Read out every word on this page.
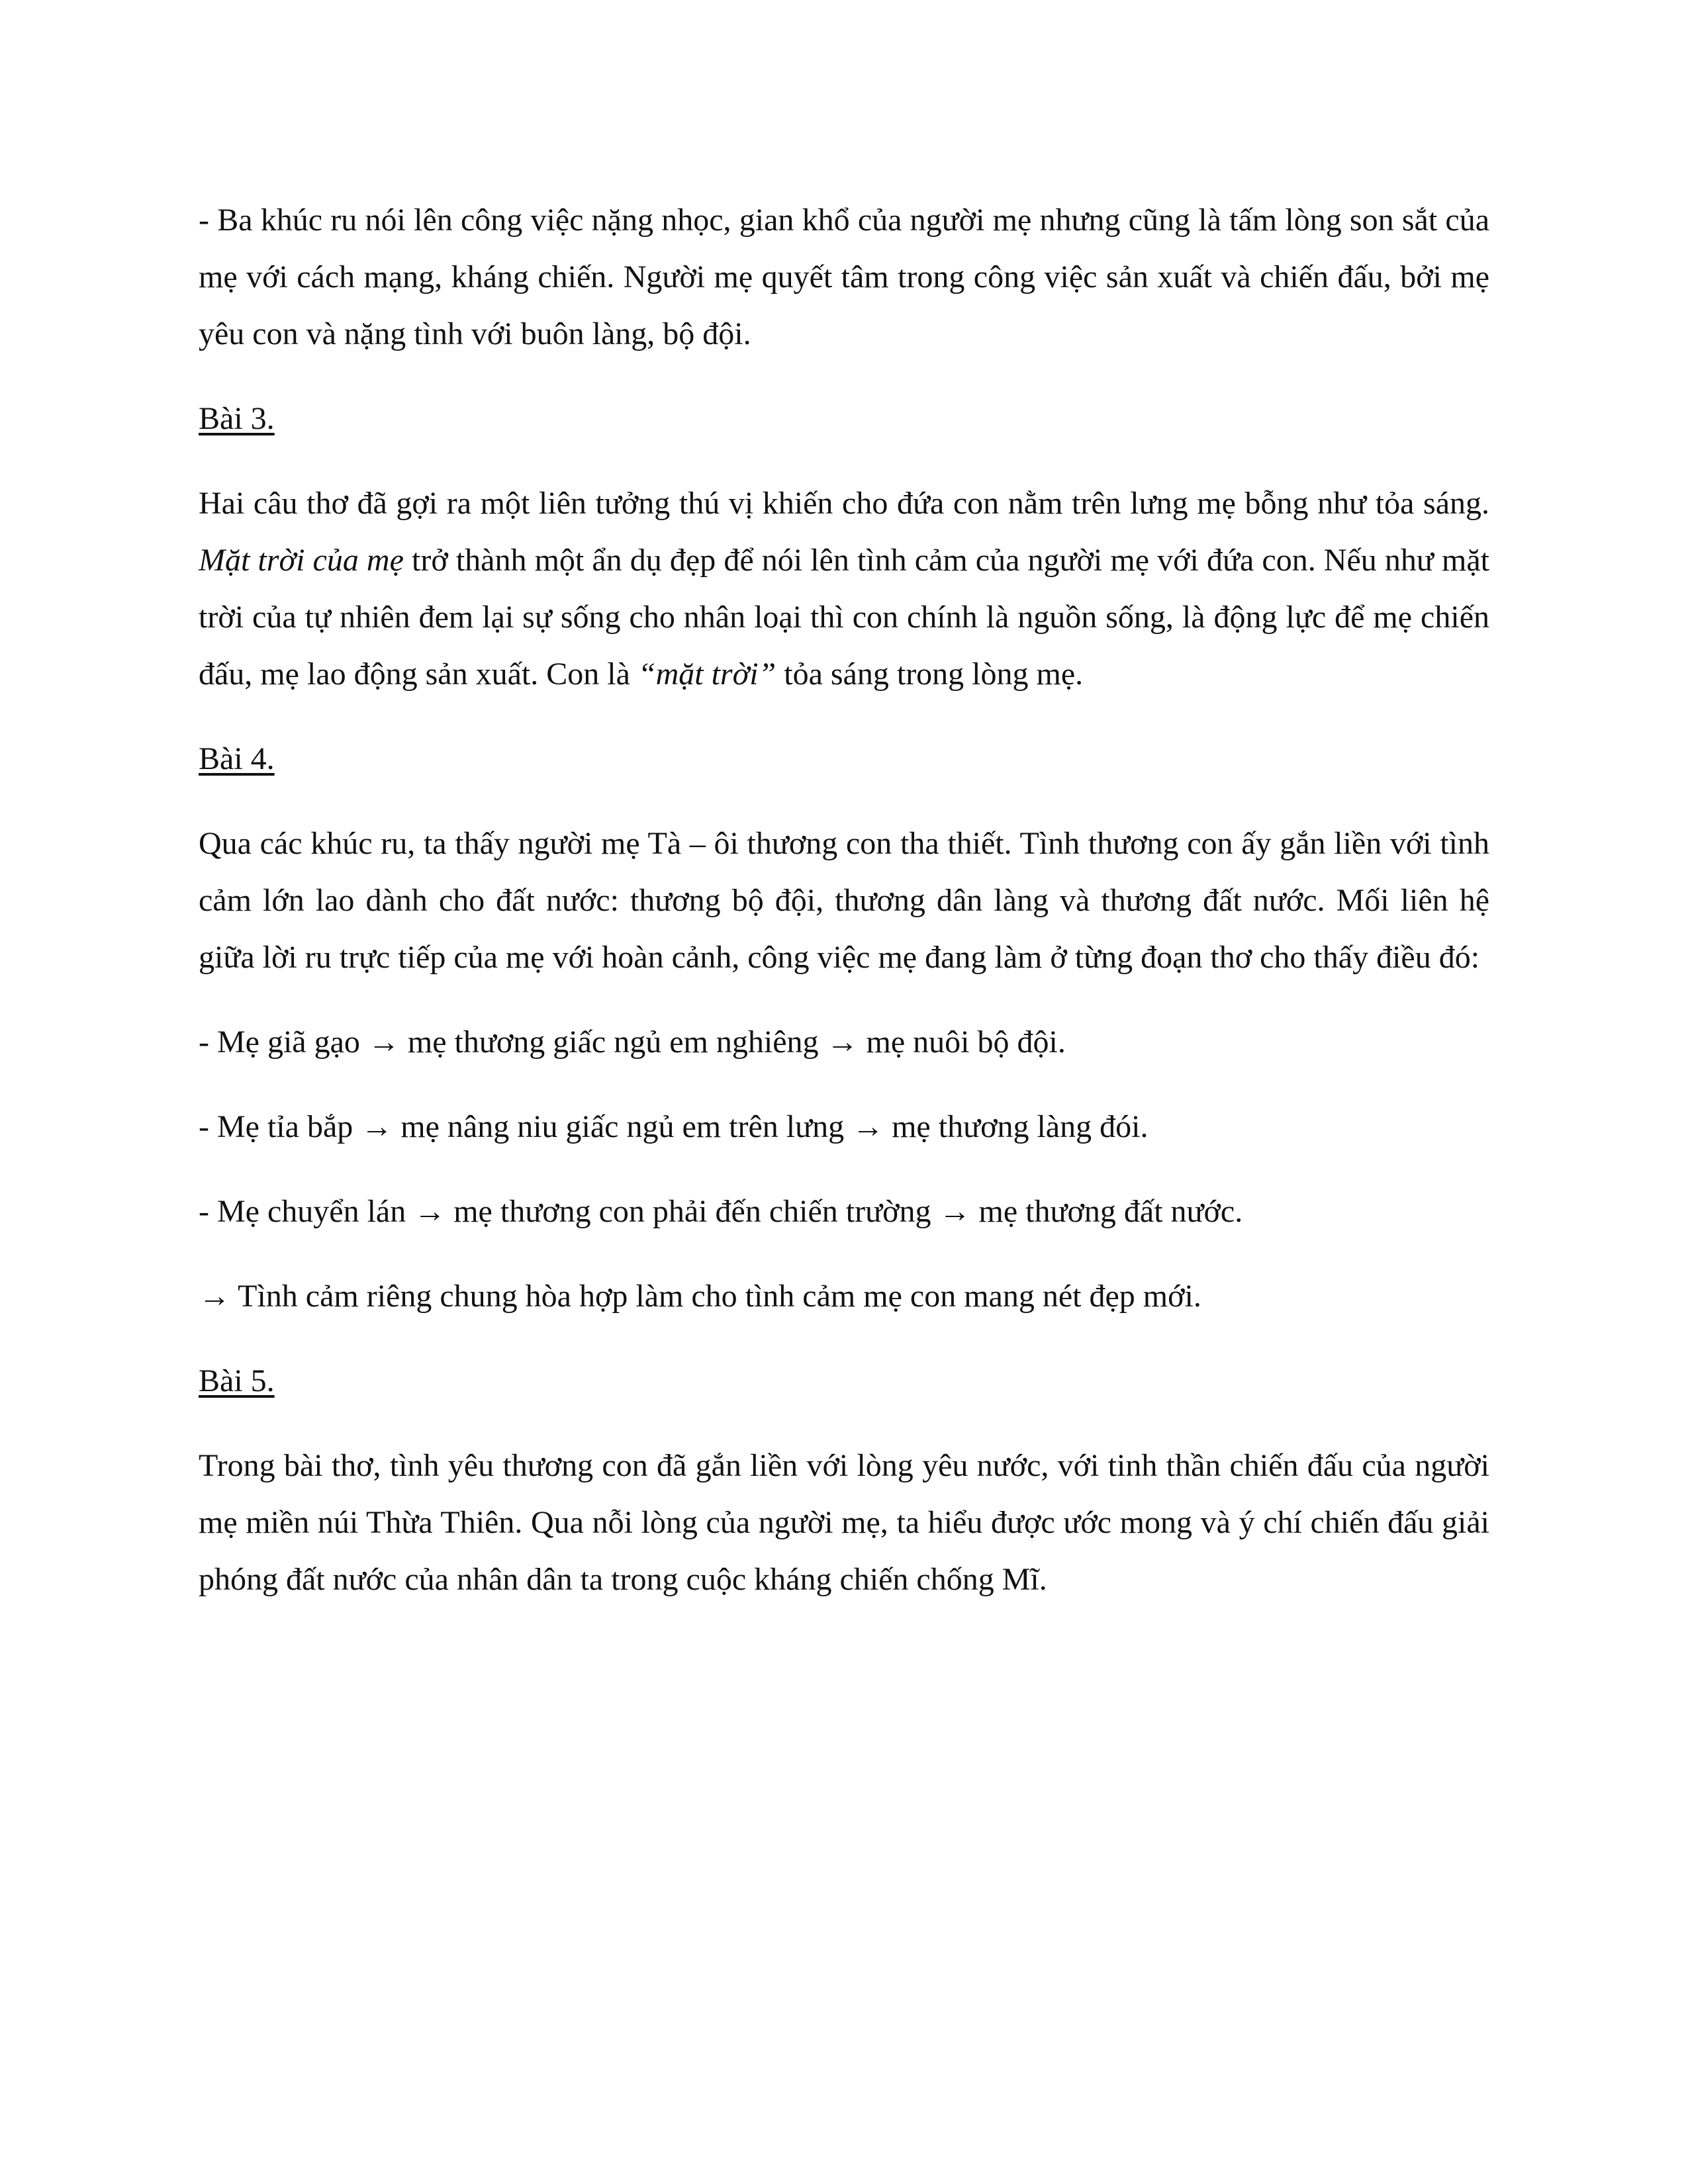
- Ba khúc ru nói lên công việc nặng nhọc, gian khổ của người mẹ nhưng cũng là tấm lòng son sắt của mẹ với cách mạng, kháng chiến. Người mẹ quyết tâm trong công việc sản xuất và chiến đấu, bởi mẹ yêu con và nặng tình với buôn làng, bộ đội.

Bài 3.

Hai câu thơ đã gợi ra một liên tưởng thú vị khiến cho đứa con nằm trên lưng mẹ bỗng như tỏa sáng. Mặt trời của mẹ trở thành một ẩn dụ đẹp để nói lên tình cảm của người mẹ với đứa con. Nếu như mặt trời của tự nhiên đem lại sự sống cho nhân loại thì con chính là nguồn sống, là động lực để mẹ chiến đấu, mẹ lao động sản xuất. Con là “mặt trời” tỏa sáng trong lòng mẹ.

Bài 4.

Qua các khúc ru, ta thấy người mẹ Tà – ôi thương con tha thiết. Tình thương con ấy gắn liền với tình cảm lớn lao dành cho đất nước: thương bộ đội, thương dân làng và thương đất nước. Mối liên hệ giữa lời ru trực tiếp của mẹ với hoàn cảnh, công việc mẹ đang làm ở từng đoạn thơ cho thấy điều đó:

- Mẹ giã gạo → mẹ thương giấc ngủ em nghiêng → mẹ nuôi bộ đội.

- Mẹ tỉa bắp → mẹ nâng niu giấc ngủ em trên lưng → mẹ thương làng đói.

- Mẹ chuyển lán → mẹ thương con phải đến chiến trường → mẹ thương đất nước.

→ Tình cảm riêng chung hòa hợp làm cho tình cảm mẹ con mang nét đẹp mới.

Bài 5.

Trong bài thơ, tình yêu thương con đã gắn liền với lòng yêu nước, với tinh thần chiến đấu của người mẹ miền núi Thừa Thiên. Qua nỗi lòng của người mẹ, ta hiểu được ước mong và ý chí chiến đấu giải phóng đất nước của nhân dân ta trong cuộc kháng chiến chống Mĩ.
